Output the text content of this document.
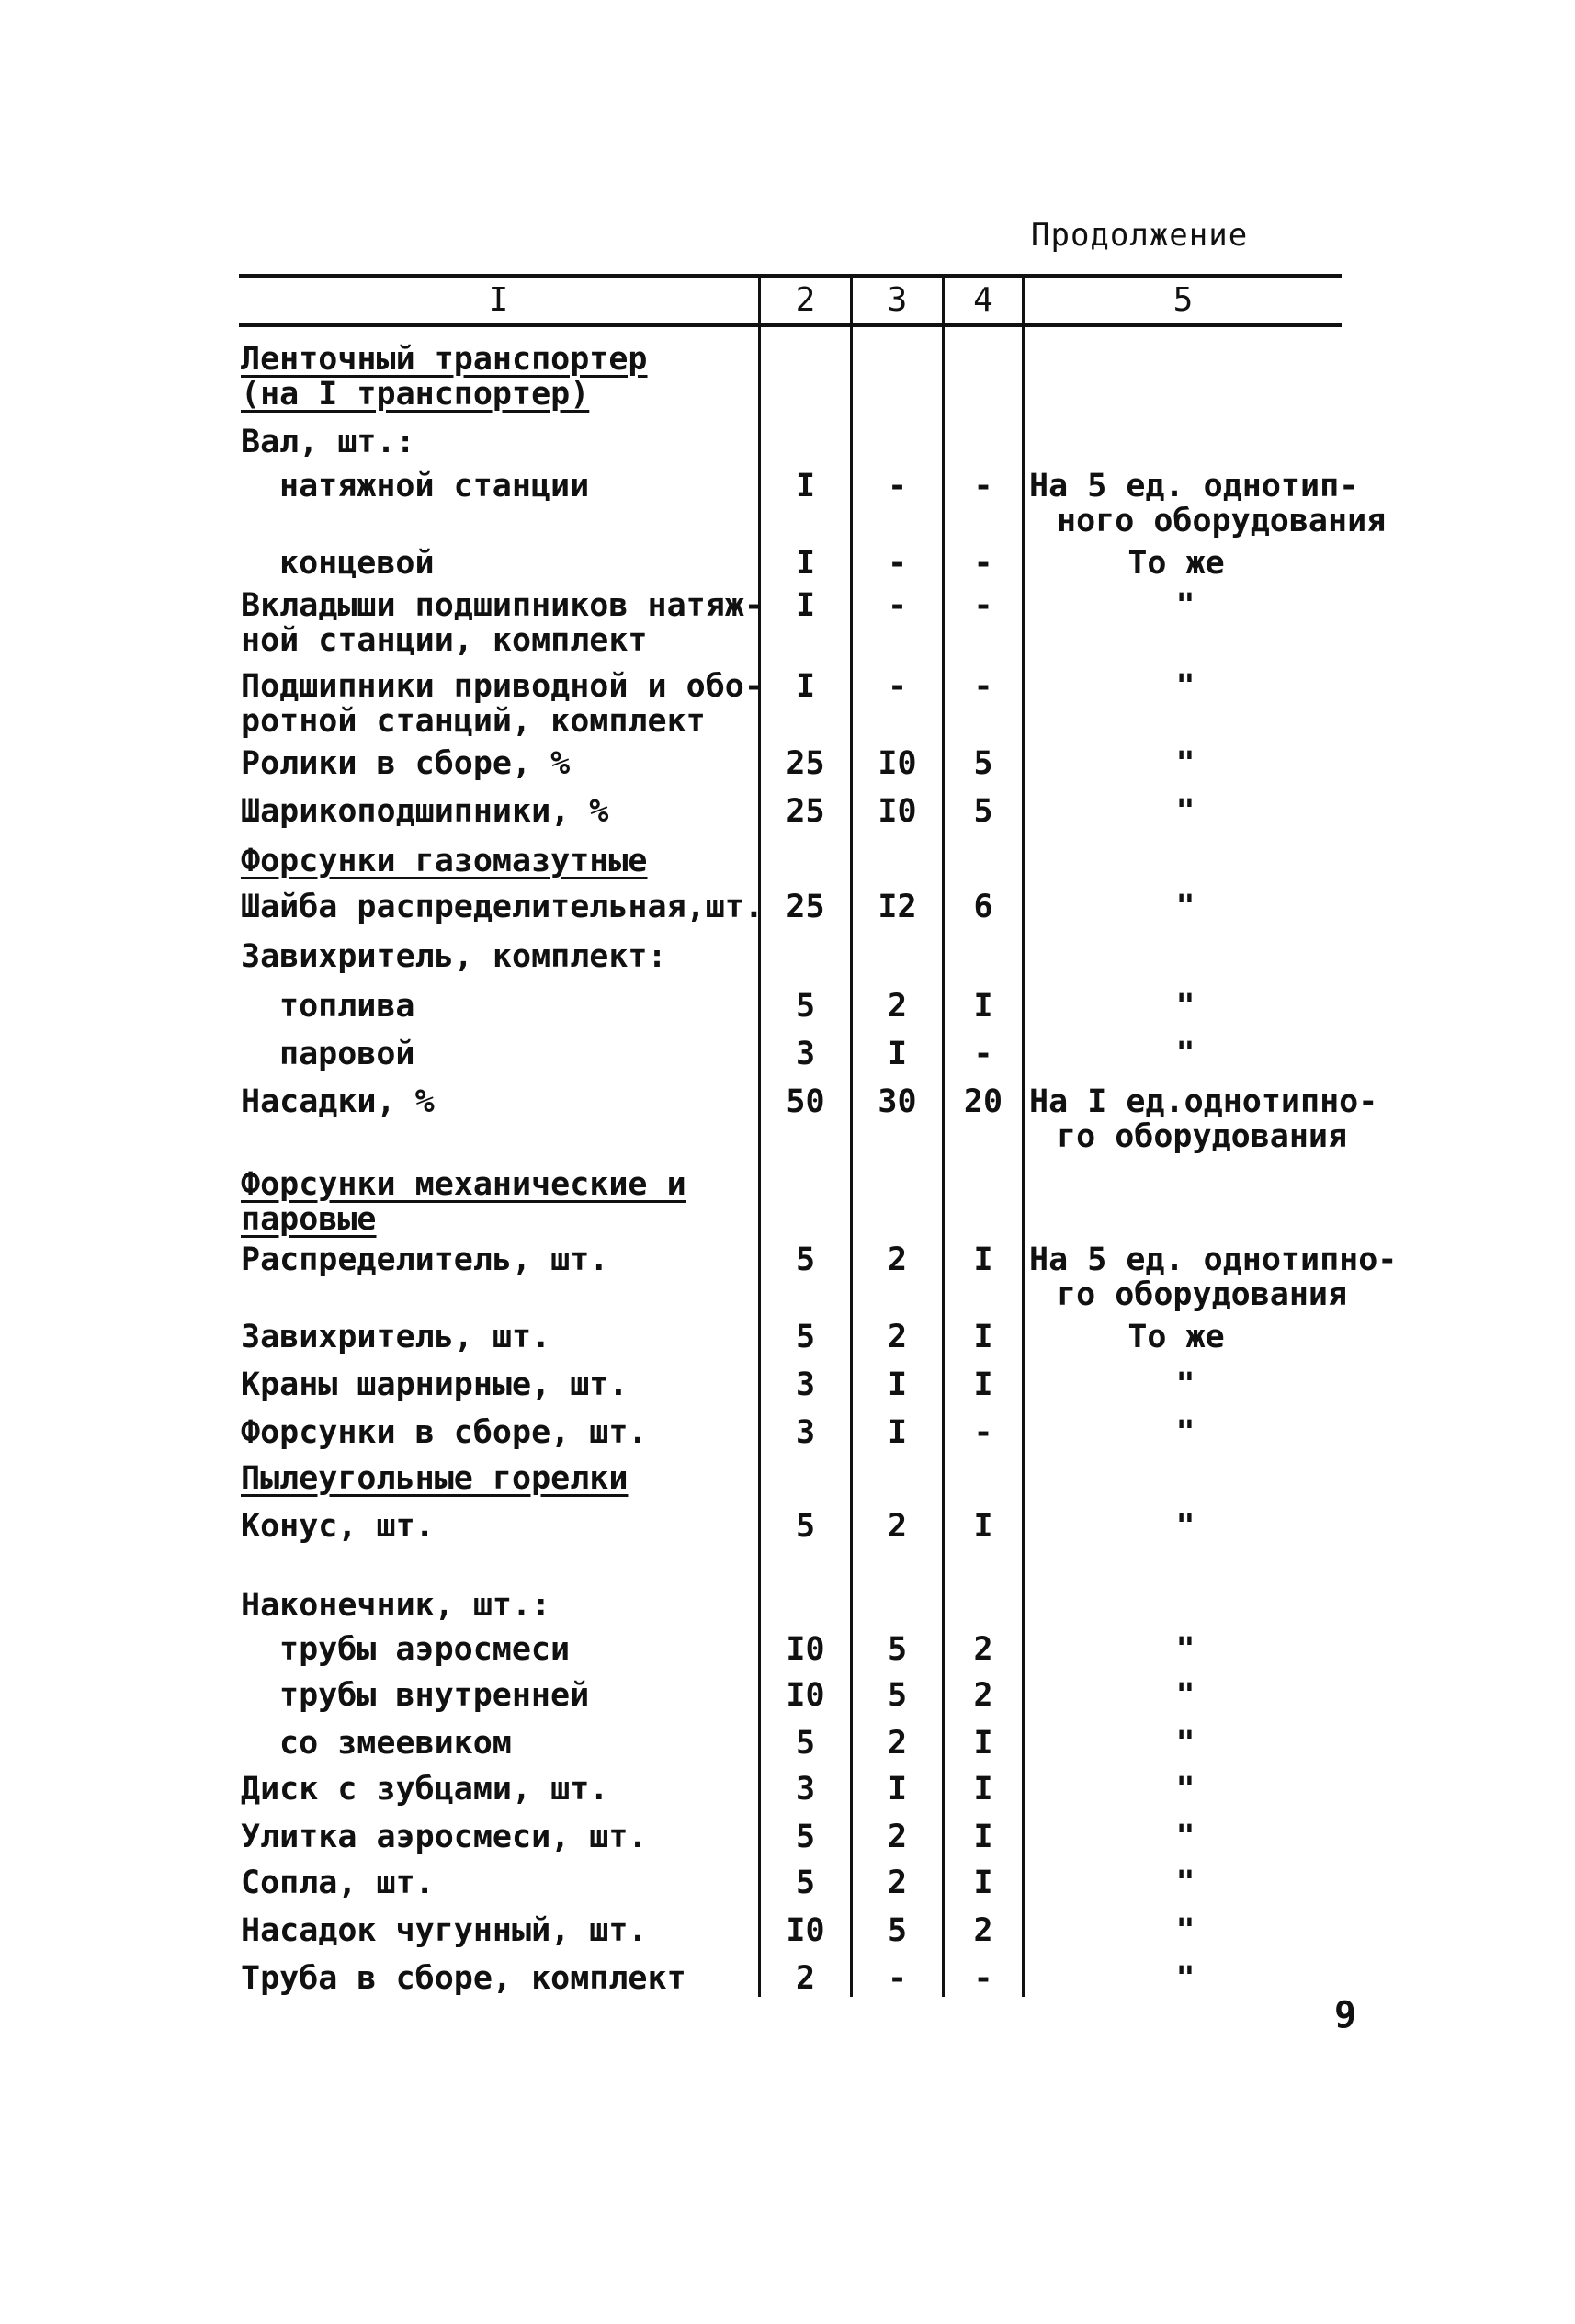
Продолжение
I	2	3	4	5
Ленточный транспортер
(на I транспортер)
Вал, шт.:
натяжной станции	I	-	-	На 5 ед. однотип-
ного оборудования
концевой	I	-	-	То же
Вкладыши подшипников натяж-
ной станции, комплект
I	-	-	"
Подшипники приводной и обо-
ротной станций, комплект
I	-	-	"
Ролики в сборе, %	25	I0	5	"
Шарикоподшипники, %	25	I0	5	"
Форсунки газомазутные
Шайба распределительная,шт. 25	I2	6	"
Завихритель, комплект:
топлива	5	2	I	"
паровой	3	I	-	"
Насадки, %	50	30	20 На I ед.однотипно-
го оборудования
Форсунки механические и
паровые
Распределитель, шт.	5	2	I	На 5 ед. однотипно-
го оборудования
Завихритель, шт.	5	2	I	То же
Краны шарнирные, шт.	3	I	I	"
Форсунки в сборе, шт.	3	I	-	"
Пылеугольные горелки
Конус, шт.	5	2	I	"
Наконечник, шт.:
трубы аэросмеси	I0	5	2	"
трубы внутренней	I0	5	2	"
со змеевиком	5	2	I	"
Диск с зубцами, шт.	3	I	I	"
Улитка аэросмеси, шт.	5	2	I	"
Сопла, шт.	5	2	I	"
Насадок чугунный, шт.	I0	5	2	"
Труба в сборе, комплект	2	-	-	"
9
